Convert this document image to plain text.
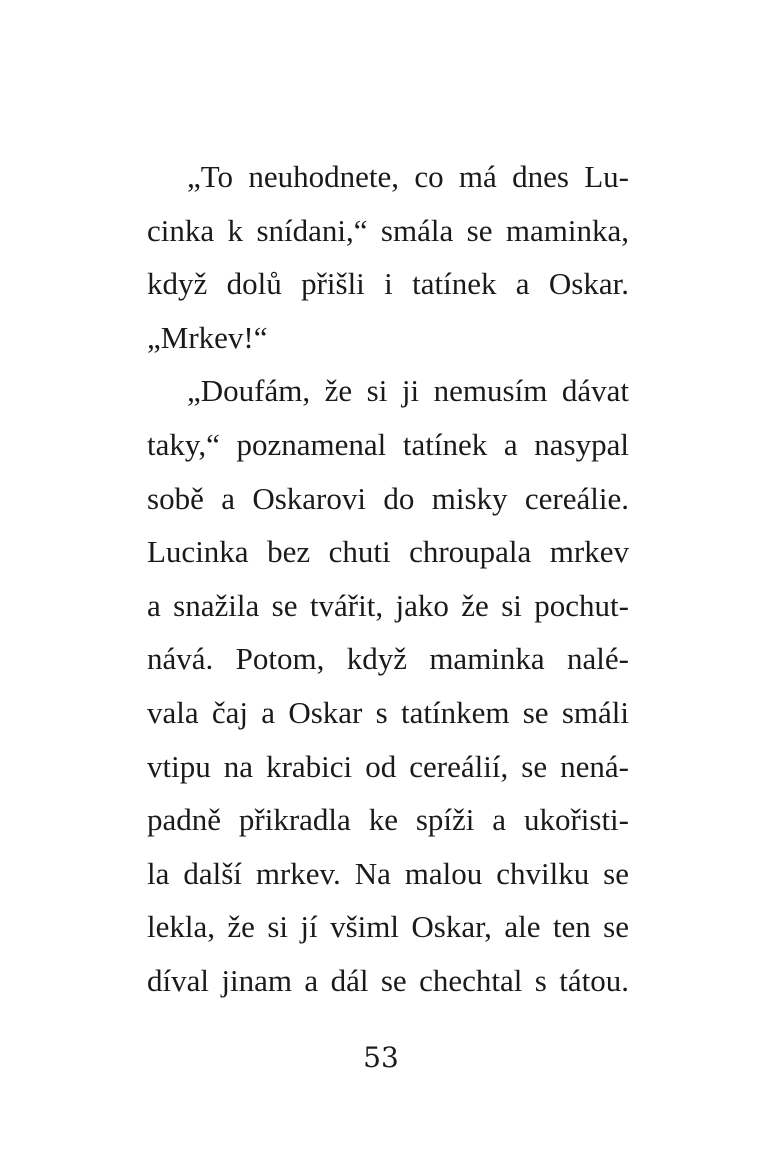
„To neuhodnete, co má dnes Lu-
cinka k snídani,“ smála se maminka,
když dolů přišli i tatínek a Oskar.
„Mrkev!“
„Doufám, že si ji nemusím dávat
taky,“ poznamenal tatínek a nasypal
sobě a Oskarovi do misky cereálie.
Lucinka bez chuti chroupala mrkev
a snažila se tvářit, jako že si pochut-
nává. Potom, když maminka nalé-
vala čaj a Oskar s tatínkem se smáli
vtipu na krabici od cereálií, se nená-
padně přikradla ke spíži a ukořisti-
la další mrkev. Na malou chvilku se
lekla, že si jí všiml Oskar, ale ten se
díval jinam a dál se chechtal s tátou.
53
